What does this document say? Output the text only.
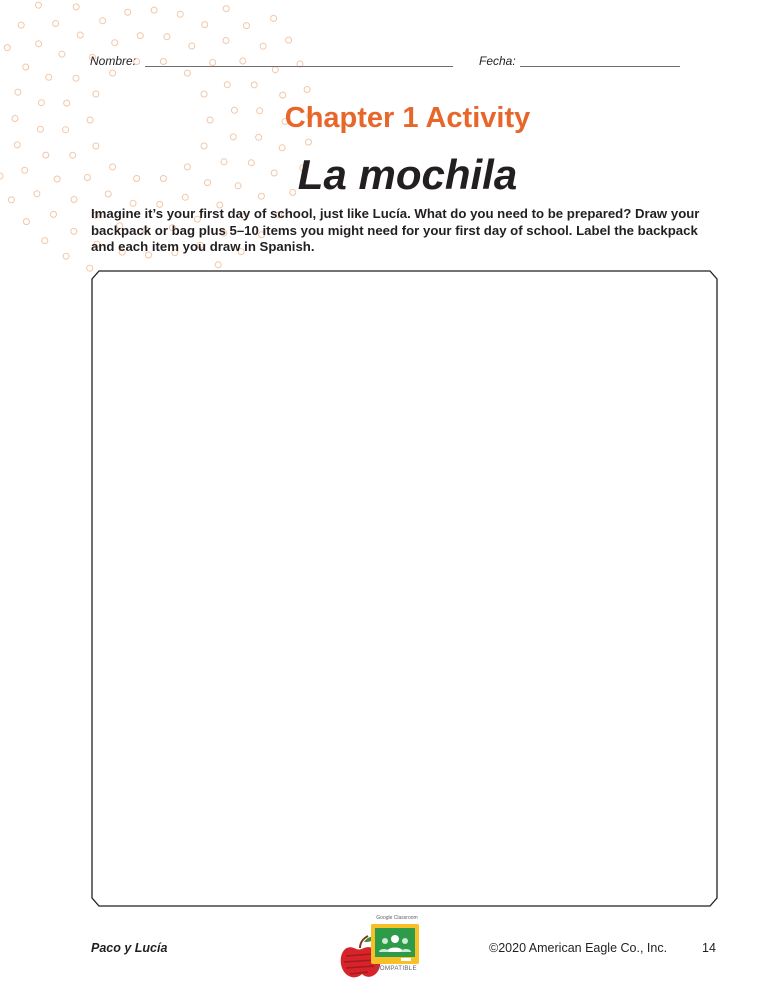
Nombre:	Fecha:
Chapter 1 Activity
La mochila
Imagine it’s your first day of school, just like Lucía. What do you need to be prepared? Draw your backpack or bag plus 5–10 items you might need for your first day of school. Label the backpack and each item you draw in Spanish.
Paco y Lucía
Google Classroom
COMPATIBLE
©2020 American Eagle Co., Inc.	14
